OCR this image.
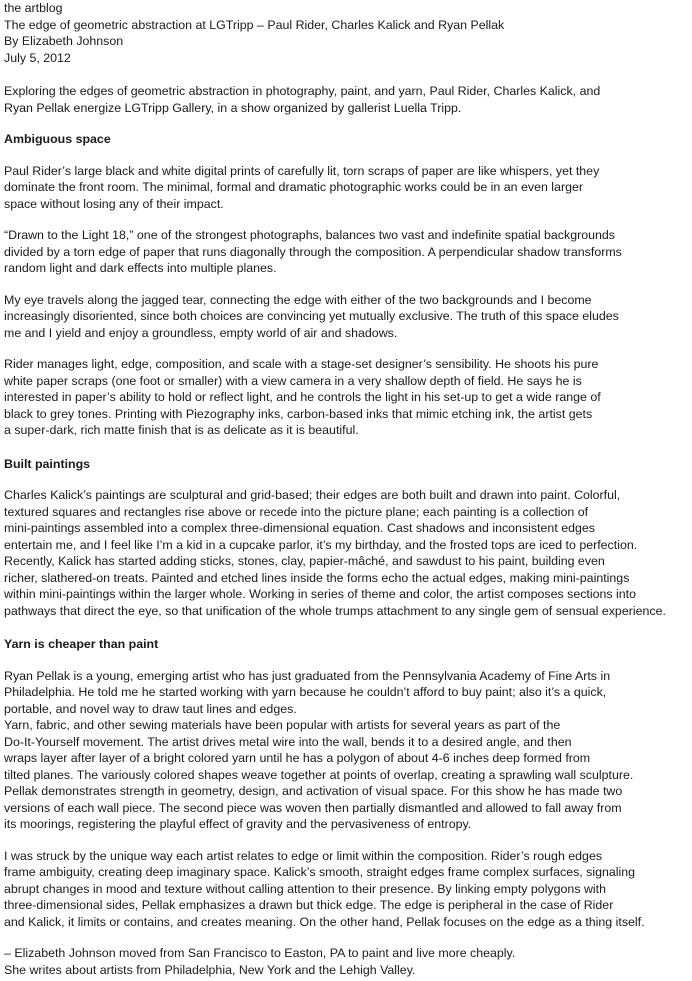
the artblog
The edge of geometric abstraction at LGTripp – Paul Rider, Charles Kalick and Ryan Pellak
By Elizabeth Johnson
July 5, 2012
Exploring the edges of geometric abstraction in photography, paint, and yarn, Paul Rider, Charles Kalick, and
Ryan Pellak energize LGTripp Gallery, in a show organized by gallerist Luella Tripp.
Ambiguous space
Paul Rider’s large black and white digital prints of carefully lit, torn scraps of paper are like whispers, yet they
dominate the front room. The minimal, formal and dramatic photographic works could be in an even larger
space without losing any of their impact.
“Drawn to the Light 18,” one of the strongest photographs, balances two vast and indefinite spatial backgrounds
divided by a torn edge of paper that runs diagonally through the composition. A perpendicular shadow transforms
random light and dark effects into multiple planes.
My eye travels along the jagged tear, connecting the edge with either of the two backgrounds and I become
increasingly disoriented, since both choices are convincing yet mutually exclusive. The truth of this space eludes
me and I yield and enjoy a groundless, empty world of air and shadows.
Rider manages light, edge, composition, and scale with a stage-set designer’s sensibility. He shoots his pure
white paper scraps (one foot or smaller) with a view camera in a very shallow depth of field. He says he is
interested in paper’s ability to hold or reflect light, and he controls the light in his set-up to get a wide range of
black to grey tones. Printing with Piezography inks, carbon-based inks that mimic etching ink, the artist gets
a super-dark, rich matte finish that is as delicate as it is beautiful.
Built paintings
Charles Kalick’s paintings are sculptural and grid-based; their edges are both built and drawn into paint. Colorful,
textured squares and rectangles rise above or recede into the picture plane; each painting is a collection of
mini-paintings assembled into a complex three-dimensional equation. Cast shadows and inconsistent edges
entertain me, and I feel like I’m a kid in a cupcake parlor, it’s my birthday, and the frosted tops are iced to perfection.
Recently, Kalick has started adding sticks, stones, clay, papier-mâché, and sawdust to his paint, building even
richer, slathered-on treats. Painted and etched lines inside the forms echo the actual edges, making mini-paintings
within mini-paintings within the larger whole. Working in series of theme and color, the artist composes sections into
pathways that direct the eye, so that unification of the whole trumps attachment to any single gem of sensual experience.
Yarn is cheaper than paint
Ryan Pellak is a young, emerging artist who has just graduated from the Pennsylvania Academy of Fine Arts in
Philadelphia. He told me he started working with yarn because he couldn’t afford to buy paint; also it’s a quick,
portable, and novel way to draw taut lines and edges.
Yarn, fabric, and other sewing materials have been popular with artists for several years as part of the
Do-It-Yourself movement. The artist drives metal wire into the wall, bends it to a desired angle, and then
wraps layer after layer of a bright colored yarn until he has a polygon of about 4-6 inches deep formed from
tilted planes. The variously colored shapes weave together at points of overlap, creating a sprawling wall sculpture.
Pellak demonstrates strength in geometry, design, and activation of visual space. For this show he has made two
versions of each wall piece. The second piece was woven then partially dismantled and allowed to fall away from
its moorings, registering the playful effect of gravity and the pervasiveness of entropy.
I was struck by the unique way each artist relates to edge or limit within the composition. Rider’s rough edges
frame ambiguity, creating deep imaginary space. Kalick’s smooth, straight edges frame complex surfaces, signaling
abrupt changes in mood and texture without calling attention to their presence. By linking empty polygons with
three-dimensional sides, Pellak emphasizes a drawn but thick edge. The edge is peripheral in the case of Rider
and Kalick, it limits or contains, and creates meaning. On the other hand, Pellak focuses on the edge as a thing itself.
– Elizabeth Johnson moved from San Francisco to Easton, PA to paint and live more cheaply.
She writes about artists from Philadelphia, New York and the Lehigh Valley.
